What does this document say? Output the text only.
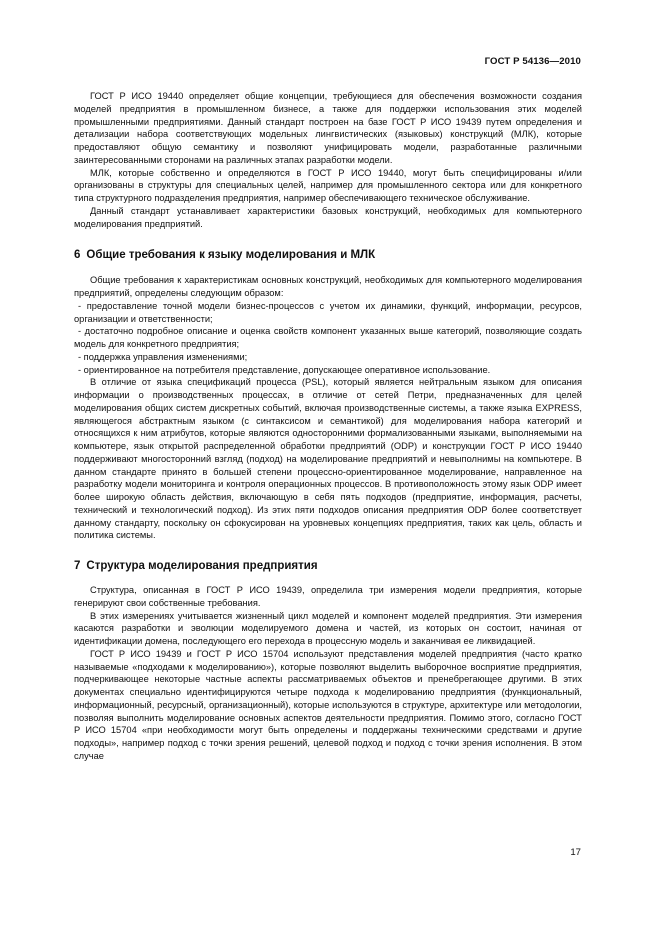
ГОСТ Р 54136—2010

ГОСТ Р ИСО 19440 определяет общие концепции, требующиеся для обеспечения возможности создания моделей предприятия в промышленном бизнесе, а также для поддержки использования этих моделей промышленными предприятиями. Данный стандарт построен на базе ГОСТ Р ИСО 19439 путем определения и детализации набора соответствующих модельных лингвистических (языковых) конструкций (МЛК), которые предоставляют общую семантику и позволяют унифицировать модели, разработанные различными заинтересованными сторонами на различных этапах разработки модели.

МЛК, которые собственно и определяются в ГОСТ Р ИСО 19440, могут быть специфицированы и/или организованы в структуры для специальных целей, например для промышленного сектора или для конкретного типа структурного подразделения предприятия, например обеспечивающего техническое обслуживание.

Данный стандарт устанавливает характеристики базовых конструкций, необходимых для компьютерного моделирования предприятий.

6 Общие требования к языку моделирования и МЛК

Общие требования к характеристикам основных конструкций, необходимых для компьютерного моделирования предприятий, определены следующим образом:

- предоставление точной модели бизнес-процессов с учетом их динамики, функций, информации, ресурсов, организации и ответственности;

- достаточно подробное описание и оценка свойств компонент указанных выше категорий, позволяющие создать модель для конкретного предприятия;

- поддержка управления изменениями;

- ориентированное на потребителя представление, допускающее оперативное использование.

В отличие от языка спецификаций процесса (PSL), который является нейтральным языком для описания информации о производственных процессах, в отличие от сетей Петри, предназначенных для целей моделирования общих систем дискретных событий, включая производственные системы, а также языка EXPRESS, являющегося абстрактным языком (с синтаксисом и семантикой) для моделирования набора категорий и относящихся к ним атрибутов, которые являются односторонними формализованными языками, выполняемыми на компьютере, язык открытой распределенной обработки предприятий (ODP) и конструкции ГОСТ Р ИСО 19440 поддерживают многосторонний взгляд (подход) на моделирование предприятий и невыполнимы на компьютере. В данном стандарте принято в большей степени процессно-ориентированное моделирование, направленное на разработку модели мониторинга и контроля операционных процессов. В противоположность этому язык ODP имеет более широкую область действия, включающую в себя пять подходов (предприятие, информация, расчеты, технический и технологический подход). Из этих пяти подходов описания предприятия ODP более соответствует данному стандарту, поскольку он сфокусирован на уровневых концепциях предприятия, таких как цель, область и политика системы.

7 Структура моделирования предприятия

Структура, описанная в ГОСТ Р ИСО 19439, определила три измерения модели предприятия, которые генерируют свои собственные требования.

В этих измерениях учитывается жизненный цикл моделей и компонент моделей предприятия. Эти измерения касаются разработки и эволюции моделируемого домена и частей, из которых он состоит, начиная от идентификации домена, последующего его перехода в процессную модель и заканчивая ее ликвидацией.

ГОСТ Р ИСО 19439 и ГОСТ Р ИСО 15704 используют представления моделей предприятия (часто кратко называемые «подходами к моделированию»), которые позволяют выделить выборочное восприятие предприятия, подчеркивающее некоторые частные аспекты рассматриваемых объектов и пренебрегающее другими. В этих документах специально идентифицируются четыре подхода к моделированию предприятия (функциональный, информационный, ресурсный, организационный), которые используются в структуре, архитектуре или методологии, позволяя выполнить моделирование основных аспектов деятельности предприятия. Помимо этого, согласно ГОСТ Р ИСО 15704 «при необходимости могут быть определены и поддержаны техническими средствами и другие подходы», например подход с точки зрения решений, целевой подход и подход с точки зрения исполнения. В этом случае

17
